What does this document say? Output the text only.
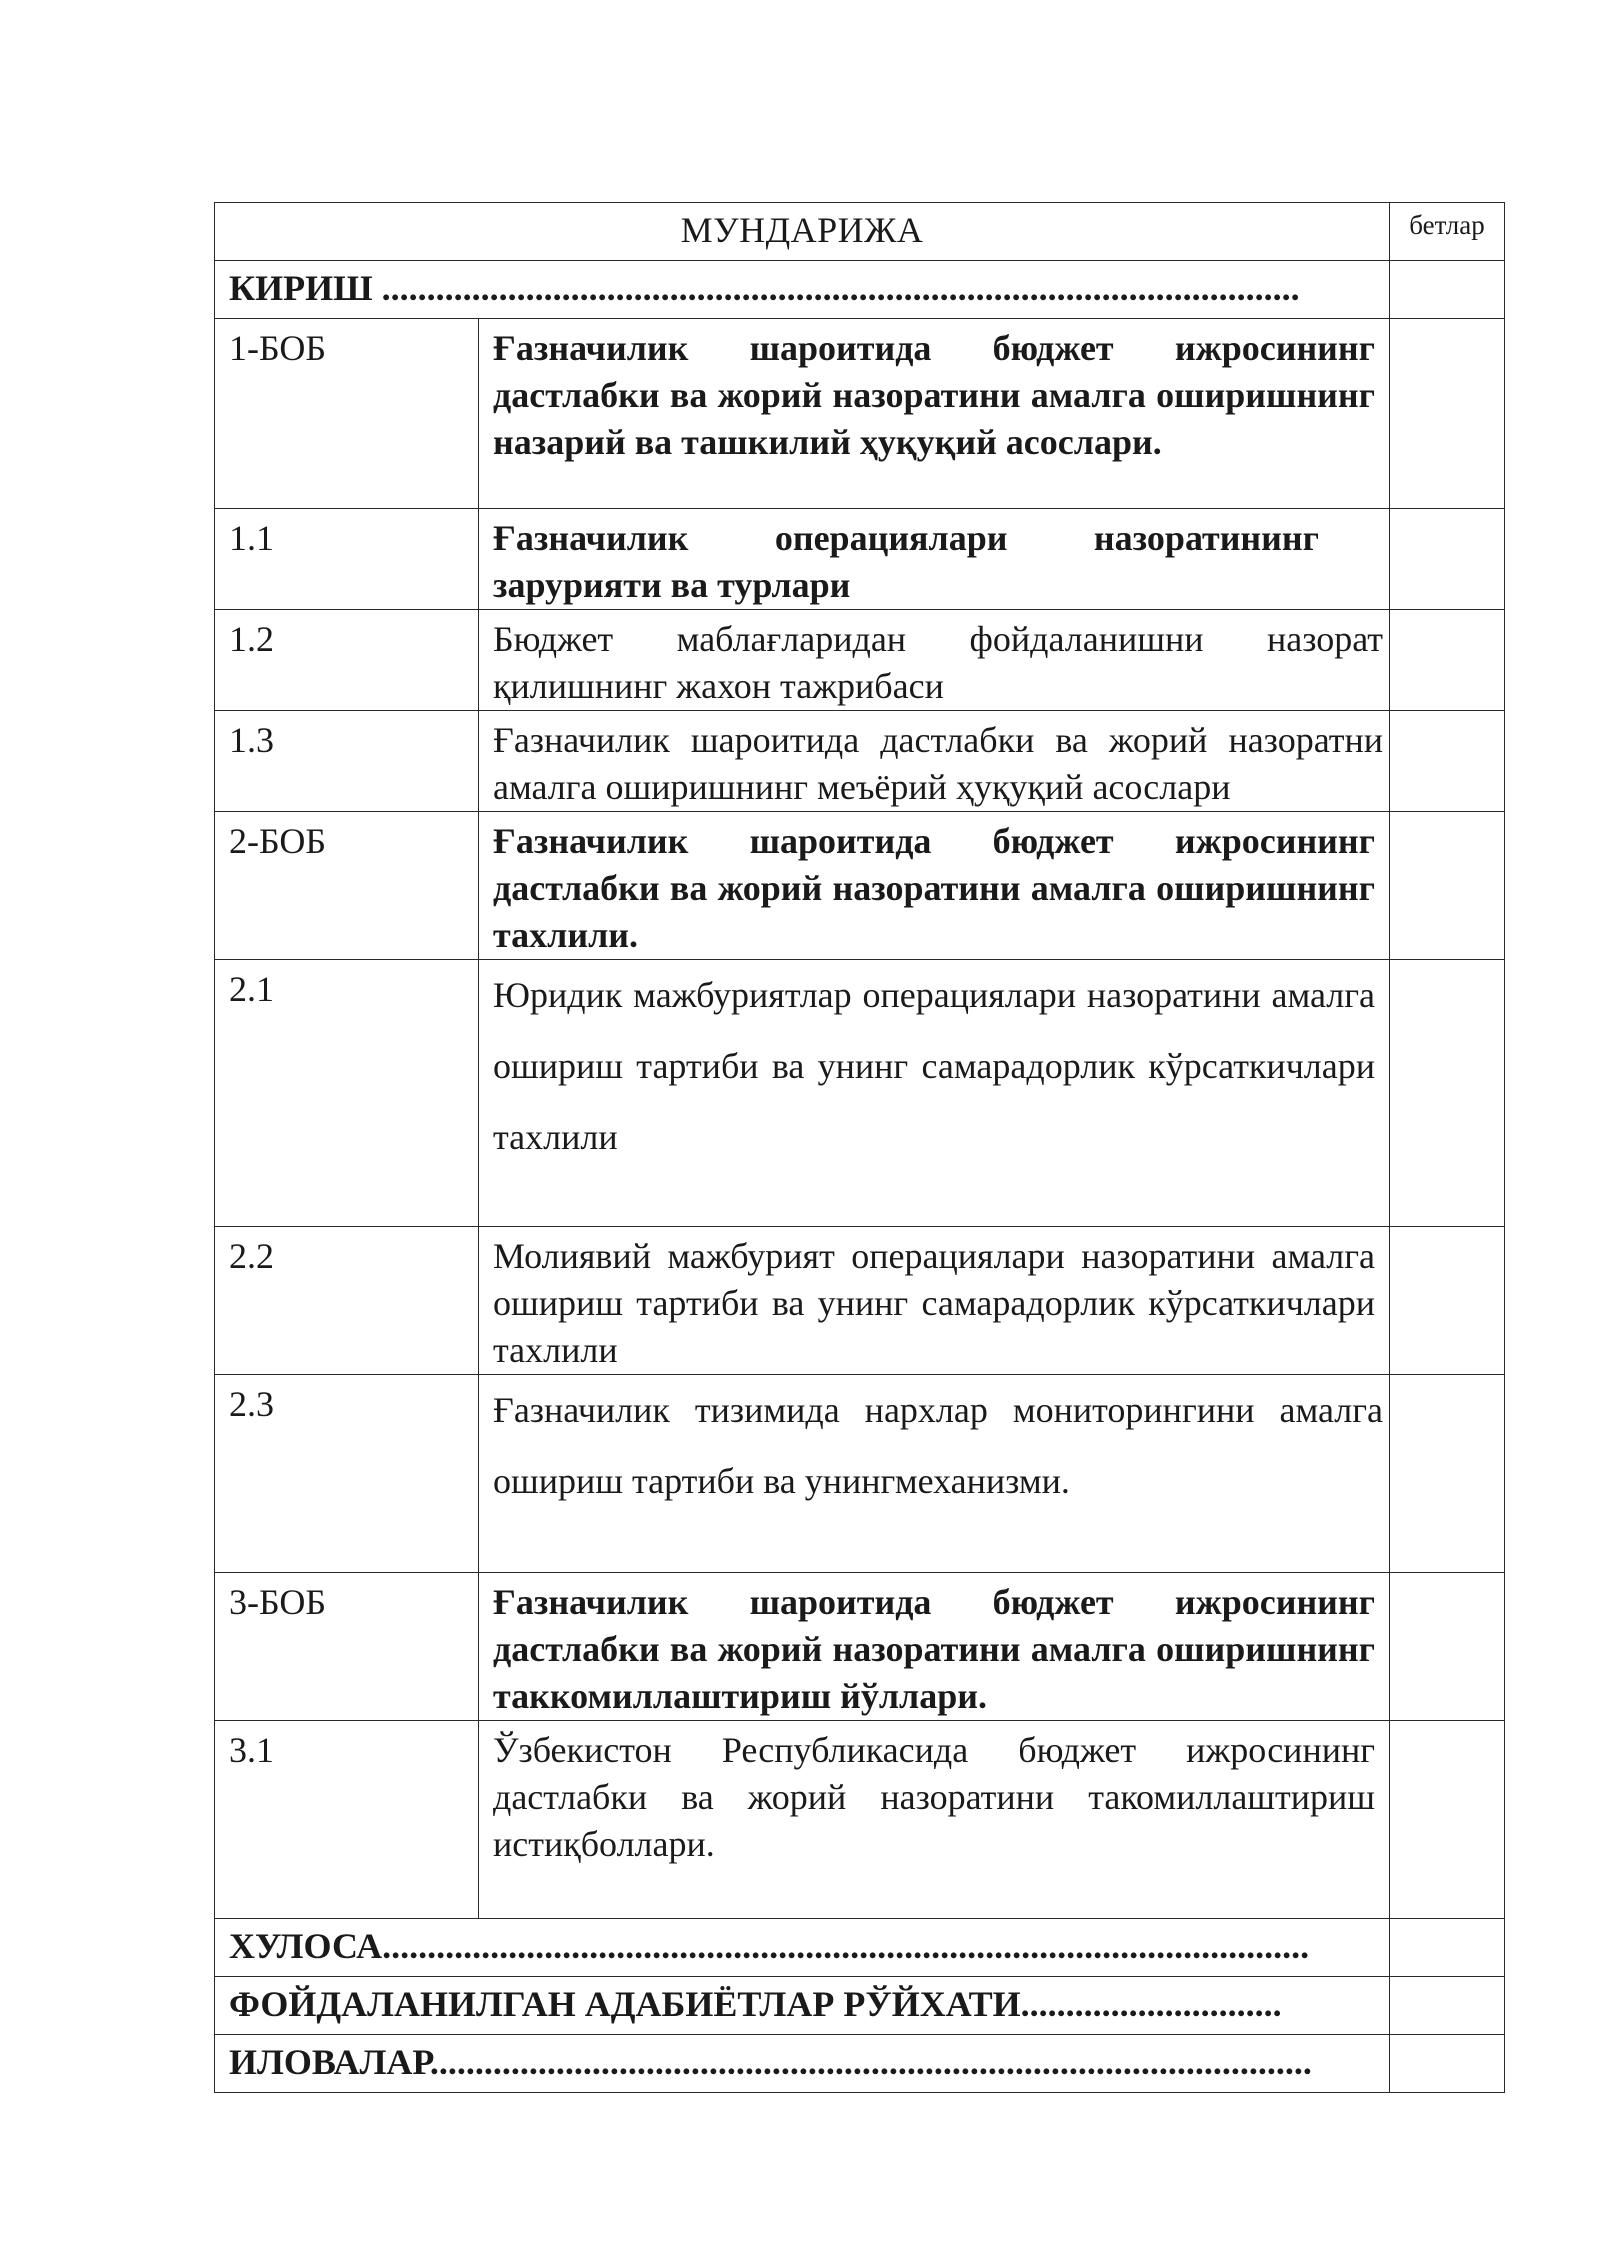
МУНДАРИЖА		бетлар
КИРИШ ......................................................................................................		
1-БОБ	Ғазначилик шароитида бюджет ижросининг дастлабки ва жорий назоратини амалга оширишнинг назарий ва ташкилий ҳуқуқий асослари.	
1.1	Ғазначилик операциялари назоратининг зарурияти ва турлари	
1.2	Бюджет маблағларидан фойдаланишни назорат қилишнинг жахон тажрибаси	
1.3	Ғазначилик шароитида дастлабки ва жорий назоратни амалга оширишнинг меъёрий ҳуқуқий асослари	
2-БОБ	Ғазначилик шароитида бюджет ижросининг дастлабки ва жорий назоратини амалга оширишнинг тахлили.	
2.1	Юридик мажбуриятлар операциялари назоратини амалга ошириш тартиби ва унинг самарадорлик кўрсаткичлари тахлили	
2.2	Молиявий мажбурият операциялари назоратини амалга ошириш тартиби ва унинг самарадорлик кўрсаткичлари тахлили	
2.3	Ғазначилик тизимида нархлар мониторингини амалга ошириш тартиби ва унингмеханизми.	
3-БОБ	Ғазначилик шароитида бюджет ижросининг дастлабки ва жорий назоратини амалга оширишнинг таккомиллаштириш йўллари.	
3.1	Ўзбекистон Республикасида бюджет ижросининг дастлабки ва жорий назоратини такомиллаштириш истиқболлари.	
ХУЛОСА.......................................................................................................		
ФОЙДАЛАНИЛГАН АДАБИЁТЛАР РЎЙХАТИ.............................		
ИЛОВАЛАР..................................................................................................		
